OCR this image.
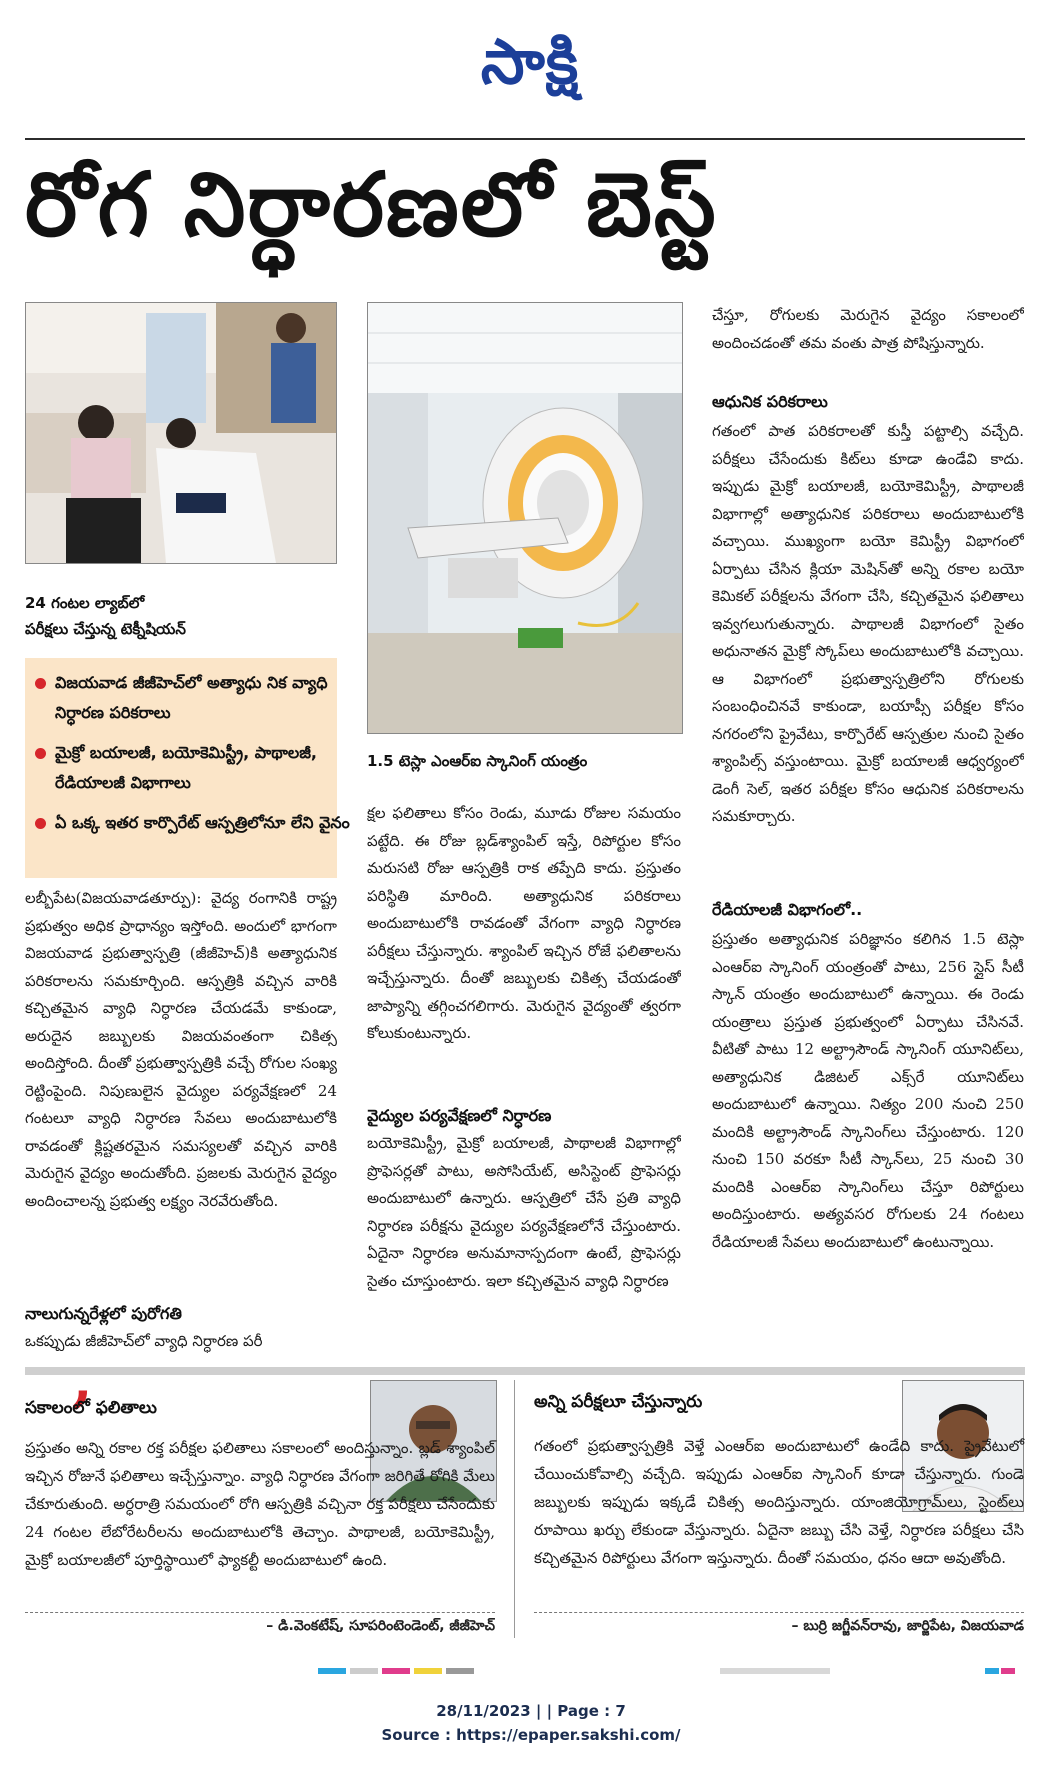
సాక్షి
రోగ నిర్ధారణలో బెస్ట్
24 గంటల ల్యాబ్‌లో
పరీక్షలు చేస్తున్న టెక్నీషియన్
విజయవాడ జీజీహెచ్‌లో అత్యాధు నిక వ్యాధి నిర్ధారణ పరికరాలు
మైక్రో బయాలజీ, బయోకెమిస్ట్రీ, పాథాలజీ, రేడియాలజీ విభాగాలు
ఏ ఒక్క ఇతర కార్పొరేట్‌ ఆస్పత్రిలోనూ లేని వైనం
1.5 టెస్లా ఎంఆర్‌ఐ స్కానింగ్‌ యంత్రం

లబ్బీపేట(విజయవాడతూర్పు): వైద్య రంగానికి రాష్ట్ర ప్రభుత్వం అధిక ప్రాధాన్యం ఇస్తోంది. అందులో భాగంగా విజయవాడ ప్రభుత్వాస్పత్రి (జీజీహెచ్‌)కి అత్యాధునిక పరికరాలను సమకూర్చింది. ఆస్పత్రికి వచ్చిన వారికి కచ్చితమైన వ్యాధి నిర్ధారణ చేయడమే కాకుండా, అరుదైన జబ్బులకు విజయవంతంగా చికిత్స అందిస్తోంది. దీంతో ప్రభుత్వాస్పత్రికి వచ్చే రోగుల సంఖ్య రెట్టింపైంది. నిపుణులైన వైద్యుల పర్యవేక్షణలో 24 గంటలూ వ్యాధి నిర్ధారణ సేవలు అందుబాటులోకి రావడంతో క్లిష్టతరమైన సమస్యలతో వచ్చిన వారికి మెరుగైన వైద్యం అందుతోంది. ప్రజలకు మెరుగైన వైద్యం అందించాలన్న ప్రభుత్వ లక్ష్యం నెరవేరుతోంది.

నాలుగున్నరేళ్లలో పురోగతి

ఒకప్పుడు జీజీహెచ్‌లో వ్యాధి నిర్ధారణ పరీ

క్షల ఫలితాలు కోసం రెండు, మూడు రోజుల సమయం పట్టేది. ఈ రోజు బ్లడ్‌శ్యాంపిల్‌ ఇస్తే, రిపోర్టుల కోసం మరుసటి రోజు ఆస్పత్రికి రాక తప్పేది కాదు. ప్రస్తుతం పరిస్థితి మారింది. అత్యాధునిక పరికరాలు అందుబాటులోకి రావడంతో వేగంగా వ్యాధి నిర్ధారణ పరీక్షలు చేస్తున్నారు. శ్యాంపిల్‌ ఇచ్చిన రోజే ఫలితాలను ఇచ్చేస్తున్నారు. దీంతో జబ్బులకు చికిత్స చేయడంతో జాప్యాన్ని తగ్గించగలిగారు. మెరుగైన వైద్యంతో త్వరగా కోలుకుంటున్నారు.

వైద్యుల పర్యవేక్షణలో నిర్ధారణ

బయోకెమిస్ట్రీ, మైక్రో బయాలజీ, పాథాలజీ విభాగాల్లో ప్రొఫెసర్లతో పాటు, అసోసియేట్‌, అసిస్టెంట్‌ ప్రొఫెసర్లు అందుబాటులో ఉన్నారు. ఆస్పత్రిలో చేసే ప్రతి వ్యాధి నిర్ధారణ పరీక్షను వైద్యుల పర్యవేక్షణలోనే చేస్తుంటారు. ఏదైనా నిర్ధారణ అనుమానాస్పదంగా ఉంటే, ప్రొఫెసర్లు సైతం చూస్తుంటారు. ఇలా కచ్చితమైన వ్యాధి నిర్ధారణ

చేస్తూ, రోగులకు మెరుగైన వైద్యం సకాలంలో అందించడంతో తమ వంతు పాత్ర పోషిస్తున్నారు.

ఆధునిక పరికరాలు

గతంలో పాత పరికరాలతో కుస్తీ పట్టాల్సి వచ్చేది. పరీక్షలు చేసేందుకు కిట్‌లు కూడా ఉండేవి కాదు. ఇప్పుడు మైక్రో బయాలజీ, బయోకెమిస్ట్రీ, పాథాలజీ విభాగాల్లో అత్యాధునిక పరికరాలు అందుబాటులోకి వచ్చాయి. ముఖ్యంగా బయో కెమిస్ట్రీ విభాగంలో ఏర్పాటు చేసిన క్లియా మెషిన్‌తో అన్ని రకాల బయో కెమికల్‌ పరీక్షలను వేగంగా చేసి, కచ్చితమైన ఫలితాలు ఇవ్వగలుగుతున్నారు. పాథాలజీ విభాగంలో సైతం అధునాతన మైక్రో స్కోప్‌లు అందుబాటులోకి వచ్చాయి. ఆ విభాగంలో ప్రభుత్వాస్పత్రిలోని రోగులకు సంబంధించినవే కాకుండా, బయాప్సీ పరీక్షల కోసం నగరంలోని ప్రైవేటు, కార్పొరేట్‌ ఆస్పత్రుల నుంచి సైతం శ్యాంపిల్స్‌ వస్తుంటాయి. మైక్రో బయాలజీ ఆధ్వర్యంలో డెంగీ సెల్‌, ఇతర పరీక్షల కోసం ఆధునిక పరికరాలను సమకూర్చారు.

రేడియాలజీ విభాగంలో..

ప్రస్తుతం అత్యాధునిక పరిజ్ఞానం కలిగిన 1.5 టెస్లా ఎంఆర్‌ఐ స్కానింగ్‌ యంత్రంతో పాటు, 256 స్లైస్‌ సీటీ స్కాన్‌ యంత్రం అందుబాటులో ఉన్నాయి. ఈ రెండు యంత్రాలు ప్రస్తుత ప్రభుత్వంలో ఏర్పాటు చేసినవే. వీటితో పాటు 12 అల్ట్రాసౌండ్‌ స్కానింగ్‌ యూనిట్‌లు, అత్యాధునిక డిజిటల్‌ ఎక్స్‌రే యూనిట్‌లు అందుబాటులో ఉన్నాయి. నిత్యం 200 నుంచి 250 మందికి అల్ట్రాసౌండ్‌ స్కానింగ్‌లు చేస్తుంటారు. 120 నుంచి 150 వరకూ సీటీ స్కాన్‌లు, 25 నుంచి 30 మందికి ఎంఆర్‌ఐ స్కానింగ్‌లు చేస్తూ రిపోర్టులు అందిస్తుంటారు. అత్యవసర రోగులకు 24 గంటలు రేడియాలజీ సేవలు అందుబాటులో ఉంటున్నాయి.

,
సకాలంలో ఫలితాలు
ప్రస్తుతం అన్ని రకాల రక్త పరీక్షల ఫలితాలు సకాలంలో అందిస్తున్నాం. బ్లడ్‌ శ్యాంపిల్‌ ఇచ్చిన రోజునే ఫలితాలు ఇచ్చేస్తున్నాం. వ్యాధి నిర్ధారణ వేగంగా జరిగితే రోగికి మేలు చేకూరుతుంది. అర్ధరాత్రి సమయంలో రోగి ఆస్పత్రికి వచ్చినా రక్త పరీక్షలు చేసేందుకు 24 గంటల లేబోరేటరీలను అందుబాటులోకి తెచ్చాం. పాథాలజీ, బయోకెమిస్ట్రీ, మైక్రో బయాలజీలో పూర్తిస్థాయిలో ఫ్యాకల్టీ అందుబాటులో ఉంది.
– డి.వెంకటేష్‌, సూపరింటెండెంట్‌, జీజీహెచ్‌
అన్ని పరీక్షలూ చేస్తున్నారు
గతంలో ప్రభుత్వాస్పత్రికి వెళ్తే ఎంఆర్‌ఐ అందుబాటులో ఉండేది కాదు. ప్రైవేటులో చేయించుకోవాల్సి వచ్చేది. ఇప్పుడు ఎంఆర్‌ఐ స్కానింగ్‌ కూడా చేస్తున్నారు. గుండె జబ్బులకు ఇప్పుడు ఇక్కడే చికిత్స అందిస్తున్నారు. యాంజియోగ్రామ్‌లు, స్టెంట్‌లు రూపాయి ఖర్చు లేకుండా వేస్తున్నారు. ఏదైనా జబ్బు చేసి వెళ్తే, నిర్ధారణ పరీక్షలు చేసి కచ్చితమైన రిపోర్టులు వేగంగా ఇస్తున్నారు. దీంతో సమయం, ధనం ఆదా అవుతోంది.
– బుర్రి జగ్జీవన్‌రావు, జార్జిపేట, విజయవాడ
28/11/2023 | | Page : 7
Source : https://epaper.sakshi.com/
